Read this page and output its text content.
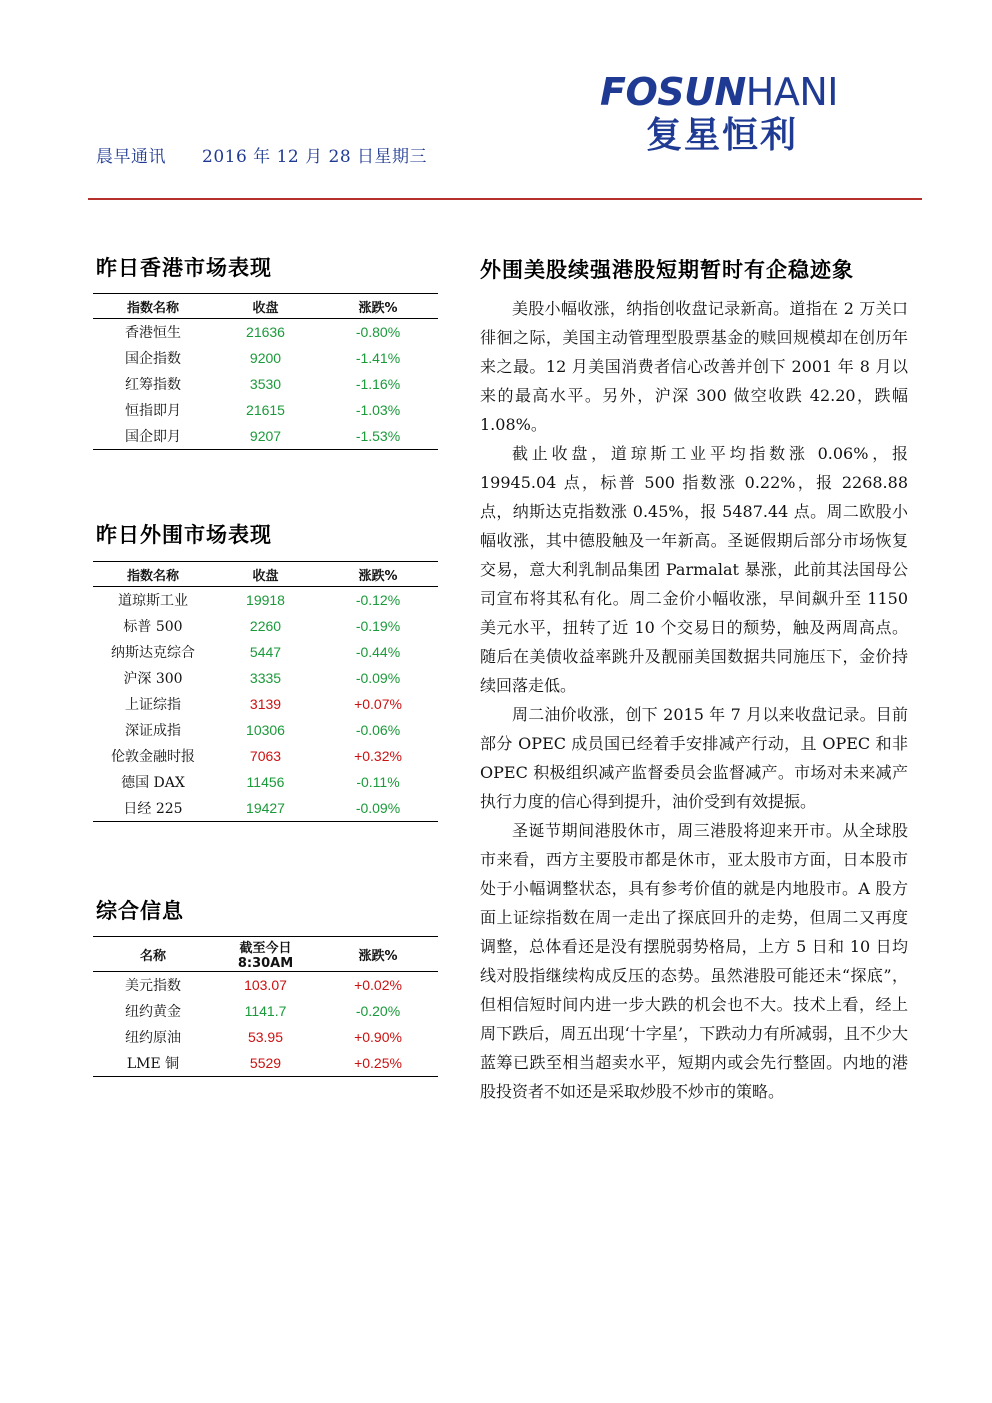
晨早通讯 2016 年 12 月 28 日星期三
FOSUNHANI
复星恒利
昨日香港市场表现
指数名称	收盘	涨跌%
香港恒生	21636	-0.80%
国企指数	9200	-1.41%
红筹指数	3530	-1.16%
恒指即月	21615	-1.03%
国企即月	9207	-1.53%
昨日外围市场表现
指数名称	收盘	涨跌%
道琼斯工业	19918	-0.12%
标普 500	2260	-0.19%
纳斯达克综合	5447	-0.44%
沪深 300	3335	-0.09%
上证综指	3139	+0.07%
深证成指	10306	-0.06%
伦敦金融时报	7063	+0.32%
德国 DAX	11456	-0.11%
日经 225	19427	-0.09%
综合信息
名称	截至今日 8:30AM	涨跌%
美元指数	103.07	+0.02%
纽约黄金	1141.7	-0.20%
纽约原油	53.95	+0.90%
LME 铜	5529	+0.25%
外围美股续强港股短期暂时有企稳迹象

美股小幅收涨，纳指创收盘记录新高。道指在 2 万关口徘徊之际，美国主动管理型股票基金的赎回规模却在创历年来之最。12 月美国消费者信心改善并创下 2001 年 8 月以来的最高水平。另外，沪深 300 做空收跌 42.20，跌幅 1.08%。

截止收盘，道琼斯工业平均指数涨 0.06%，报 19945.04 点，标普 500 指数涨 0.22%，报 2268.88 点，纳斯达克指数涨 0.45%，报 5487.44 点。周二欧股小幅收涨，其中德股触及一年新高。圣诞假期后部分市场恢复交易，意大利乳制品集团 Parmalat 暴涨，此前其法国母公司宣布将其私有化。周二金价小幅收涨，早间飙升至 1150 美元水平，扭转了近 10 个交易日的颓势，触及两周高点。随后在美债收益率跳升及靓丽美国数据共同施压下，金价持续回落走低。

周二油价收涨，创下 2015 年 7 月以来收盘记录。目前部分 OPEC 成员国已经着手安排减产行动，且 OPEC 和非 OPEC 积极组织减产监督委员会监督减产。市场对未来减产执行力度的信心得到提升，油价受到有效提振。

圣诞节期间港股休市，周三港股将迎来开市。从全球股市来看，西方主要股市都是休市，亚太股市方面，日本股市处于小幅调整状态，具有参考价值的就是内地股市。A 股方面上证综指数在周一走出了探底回升的走势，但周二又再度调整，总体看还是没有摆脱弱势格局，上方 5 日和 10 日均线对股指继续构成反压的态势。虽然港股可能还未“探底”，但相信短时间内进一步大跌的机会也不大。技术上看，经上周下跌后，周五出现‘十字星’，下跌动力有所减弱，且不少大蓝筹已跌至相当超卖水平，短期内或会先行整固。内地的港股投资者不如还是采取炒股不炒市的策略。
